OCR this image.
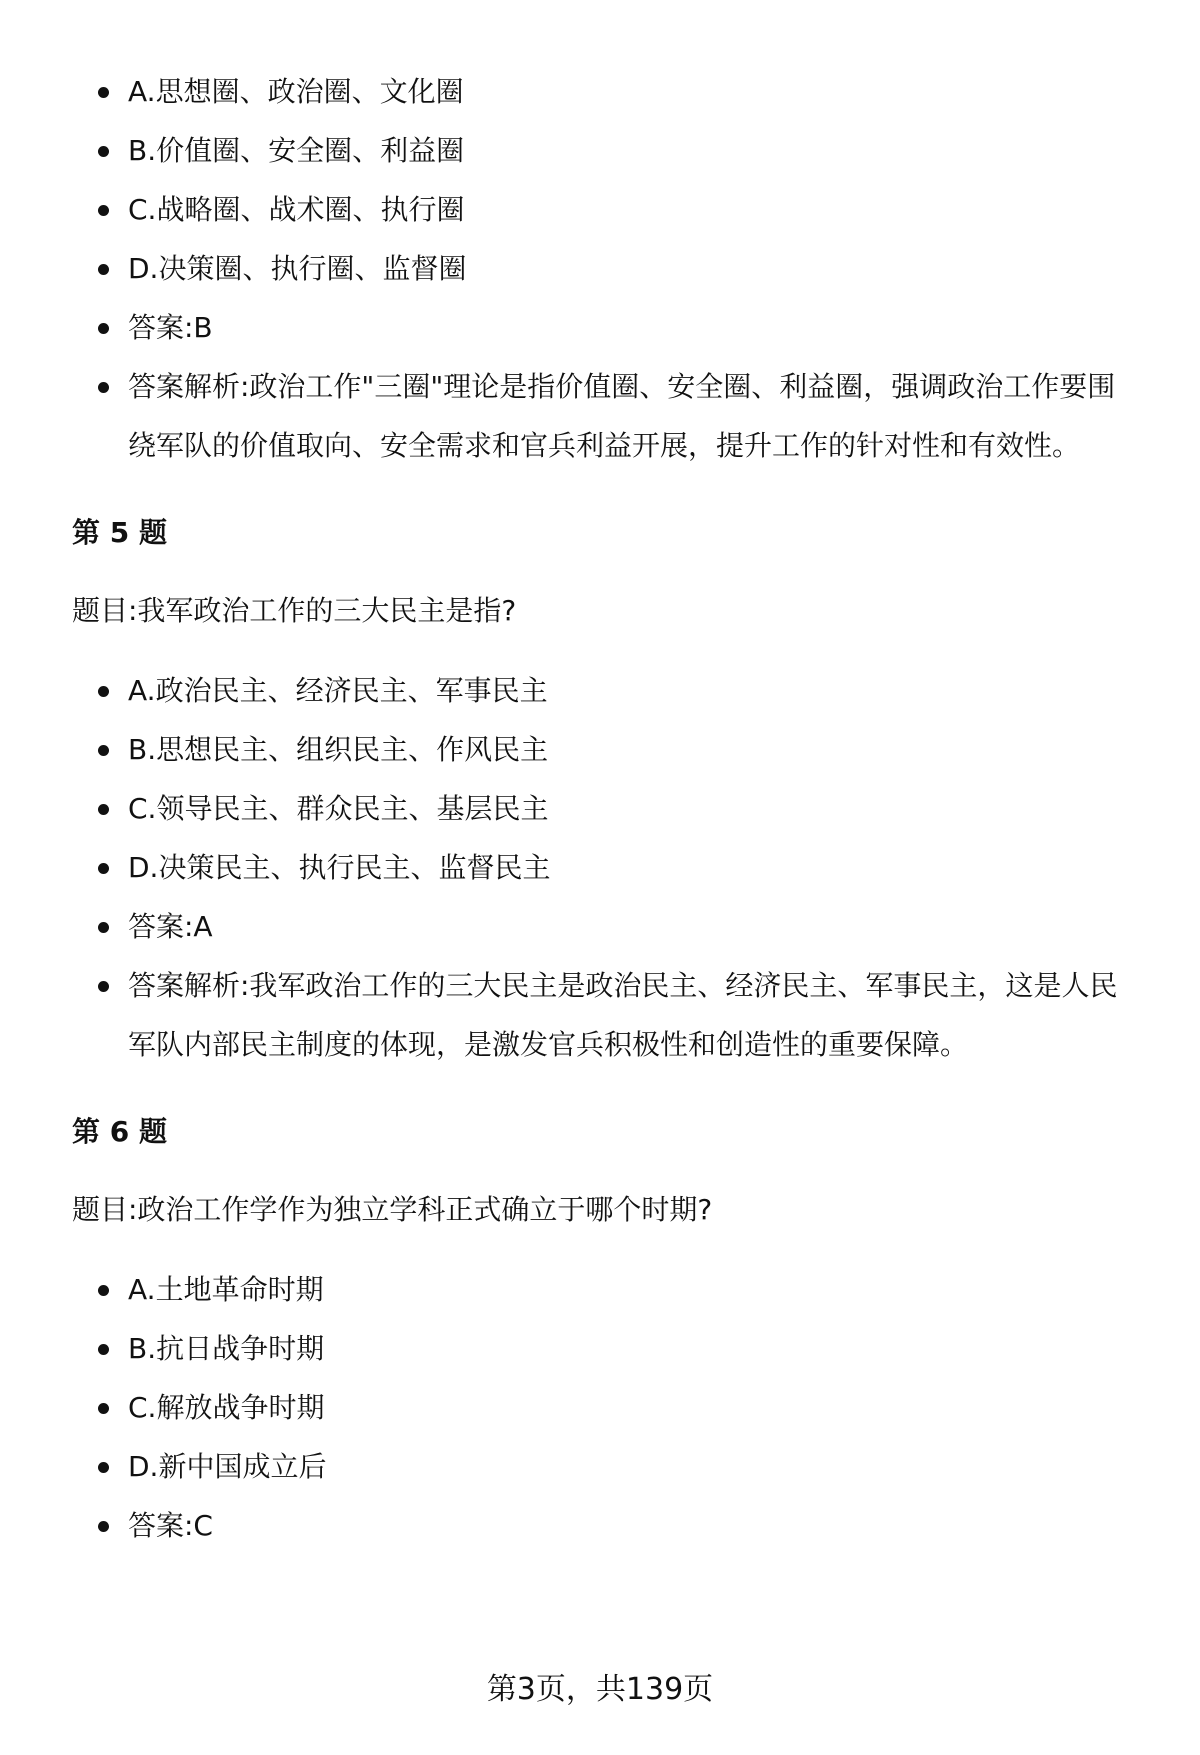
A.思想圈、政治圈、文化圈
B.价值圈、安全圈、利益圈
C.战略圈、战术圈、执行圈
D.决策圈、执行圈、监督圈
答案:B
答案解析:政治工作"三圈"理论是指价值圈、安全圈、利益圈，强调政治工作要围绕军队的价值取向、安全需求和官兵利益开展，提升工作的针对性和有效性。
第 5 题
题目:我军政治工作的三大民主是指?
A.政治民主、经济民主、军事民主
B.思想民主、组织民主、作风民主
C.领导民主、群众民主、基层民主
D.决策民主、执行民主、监督民主
答案:A
答案解析:我军政治工作的三大民主是政治民主、经济民主、军事民主，这是人民军队内部民主制度的体现，是激发官兵积极性和创造性的重要保障。
第 6 题
题目:政治工作学作为独立学科正式确立于哪个时期?
A.土地革命时期
B.抗日战争时期
C.解放战争时期
D.新中国成立后
答案:C
第3页，共139页
